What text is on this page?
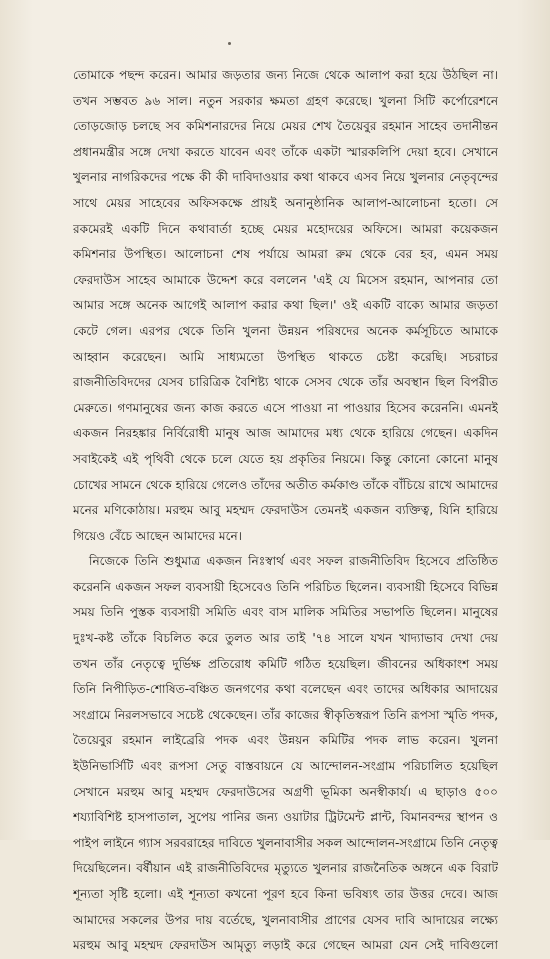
তোমাকে পছন্দ করেন। আমার জড়তার জন্য নিজে থেকে আলাপ করা হয়ে উঠছিল না।
তখন সম্ভবত ৯৬ সাল। নতুন সরকার ক্ষমতা গ্রহণ করেছে। খুলনা সিটি কর্পোরেশনে
তোড়জোড় চলছে সব কমিশনারদের নিয়ে মেয়র শেখ তৈয়েবুর রহমান সাহেব তদানীন্তন
প্রধানমন্ত্রীর সঙ্গে দেখা করতে যাবেন এবং তাঁকে একটা স্মারকলিপি দেয়া হবে। সেখানে
খুলনার নাগরিকদের পক্ষে কী কী দাবিদাওয়ার কথা থাকবে এসব নিয়ে খুলনার নেতৃবৃন্দের
সাথে মেয়র সাহেবের অফিসকক্ষে প্রায়ই অনানুষ্ঠানিক আলাপ-আলোচনা হতো। সে
রকমেরই একটি দিনে কথাবার্তা হচ্ছে মেয়র মহোদয়ের অফিসে। আমরা কয়েকজন
কমিশনার উপস্থিত। আলোচনা শেষ পর্যায়ে আমরা রুম থেকে বের হব, এমন সময়
ফেরদাউস সাহেব আমাকে উদ্দেশ করে বললেন 'এই যে মিসেস রহমান, আপনার তো
আমার সঙ্গে অনেক আগেই আলাপ করার কথা ছিল।' ওই একটি বাক্যে আমার জড়তা
কেটে গেল। এরপর থেকে তিনি খুলনা উন্নয়ন পরিষদের অনেক কর্মসূচিতে আমাকে
আহ্বান করেছেন। আমি সাধ্যমতো উপস্থিত থাকতে চেষ্টা করেছি। সচরাচর
রাজনীতিবিদদের যেসব চারিত্রিক বৈশিষ্ট্য থাকে সেসব থেকে তাঁর অবস্থান ছিল বিপরীত
মেরুতে। গণমানুষের জন্য কাজ করতে এসে পাওয়া না পাওয়ার হিসেব করেননি। এমনই
একজন নিরহঙ্কার নির্বিরোধী মানুষ আজ আমাদের মধ্য থেকে হারিয়ে গেছেন। একদিন
সবাইকেই এই পৃথিবী থেকে চলে যেতে হয় প্রকৃতির নিয়মে। কিন্তু কোনো কোনো মানুষ
চোখের সামনে থেকে হারিয়ে গেলেও তাঁদের অতীত কর্মকাণ্ড তাঁকে বাঁচিয়ে রাখে আমাদের
মনের মণিকোঠায়। মরহুম আবু মহম্মদ ফেরদাউস তেমনই একজন ব্যক্তিত্ব, যিনি হারিয়ে
গিয়েও বেঁচে আছেন আমাদের মনে।
নিজেকে তিনি শুধুমাত্র একজন নিঃস্বার্থ এবং সফল রাজনীতিবিদ হিসেবে প্রতিষ্ঠিত
করেননি একজন সফল ব্যবসায়ী হিসেবেও তিনি পরিচিত ছিলেন। ব্যবসায়ী হিসেবে বিভিন্ন
সময় তিনি পুস্তক ব্যবসায়ী সমিতি এবং বাস মালিক সমিতির সভাপতি ছিলেন। মানুষের
দুঃখ-কষ্ট তাঁকে বিচলিত করে তুলত আর তাই '৭৪ সালে যখন খাদ্যাভাব দেখা দেয়
তখন তাঁর নেতৃত্বে দুর্ভিক্ষ প্রতিরোধ কমিটি গঠিত হয়েছিল। জীবনের অধিকাংশ সময়
তিনি নিপীড়িত-শোষিত-বঞ্চিত জনগণের কথা বলেছেন এবং তাদের অধিকার আদায়ের
সংগ্রামে নিরলসভাবে সচেষ্ট থেকেছেন। তাঁর কাজের স্বীকৃতিস্বরূপ তিনি রূপসা স্মৃতি পদক,
তৈয়েবুর রহমান লাইব্রেরি পদক এবং উন্নয়ন কমিটির পদক লাভ করেন। খুলনা
ইউনিভার্সিটি এবং রূপসা সেতু বাস্তবায়নে যে আন্দোলন-সংগ্রাম পরিচালিত হয়েছিল
সেখানে মরহুম আবু মহম্মদ ফেরদাউসের অগ্রণী ভূমিকা অনস্বীকার্য। এ ছাড়াও ৫০০
শয্যাবিশিষ্ট হাসপাতাল, সুপেয় পানির জন্য ওয়াটার ট্রিটমেন্ট প্লান্ট, বিমানবন্দর স্থাপন ও
পাইপ লাইনে গ্যাস সরবরাহের দাবিতে খুলনাবাসীর সকল আন্দোলন-সংগ্রামে তিনি নেতৃত্ব
দিয়েছিলেন। বর্ষীয়ান এই রাজনীতিবিদের মৃত্যুতে খুলনার রাজনৈতিক অঙ্গনে এক বিরাট
শূন্যতা সৃষ্টি হলো। এই শূন্যতা কখনো পূরণ হবে কিনা ভবিষ্যৎ তার উত্তর দেবে। আজ
আমাদের সকলের উপর দায় বর্তেছে, খুলনাবাসীর প্রাণের যেসব দাবি আদায়ের লক্ষ্যে
মরহুম আবু মহম্মদ ফেরদাউস আমৃত্যু লড়াই করে গেছেন আমরা যেন সেই দাবিগুলো
